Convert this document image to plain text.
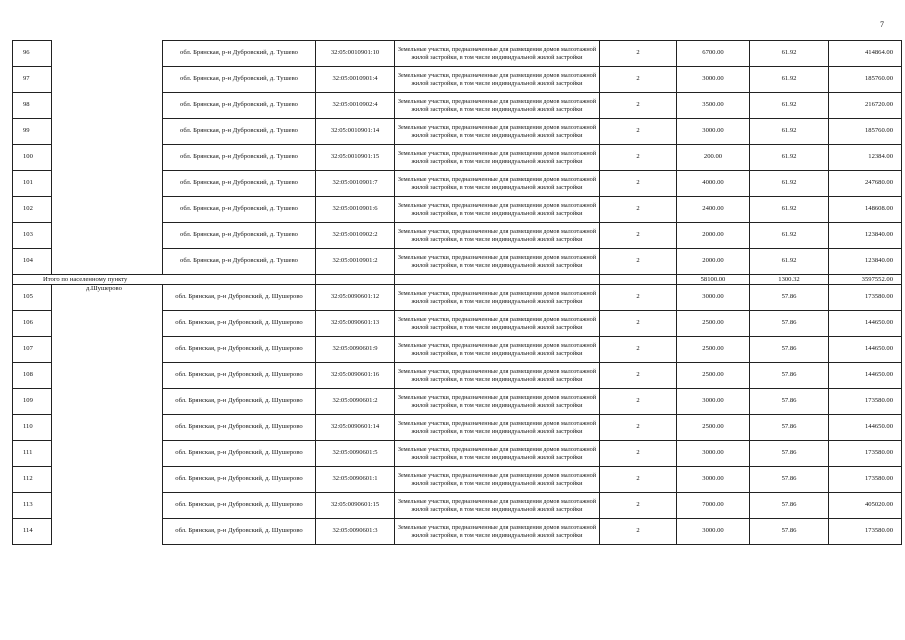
7
96		обл. Брянская, р-н Дубровский, д. Тушево	32:05:0010901:10	Земельные участки, предназначенные для размещения домов малоэтажной жилой застройки, в том числе индивидуальной жилой застройки	2	6700.00	61.92	414864.00
97		обл. Брянская, р-н Дубровский, д. Тушево	32:05:0010901:4	Земельные участки, предназначенные для размещения домов малоэтажной жилой застройки, в том числе индивидуальной жилой застройки	2	3000.00	61.92	185760.00
98		обл. Брянская, р-н Дубровский, д. Тушево	32:05:0010902:4	Земельные участки, предназначенные для размещения домов малоэтажной жилой застройки, в том числе индивидуальной жилой застройки	2	3500.00	61.92	216720.00
99		обл. Брянская, р-н Дубровский, д. Тушево	32:05:0010901:14	Земельные участки, предназначенные для размещения домов малоэтажной жилой застройки, в том числе индивидуальной жилой застройки	2	3000.00	61.92	185760.00
100		обл. Брянская, р-н Дубровский, д. Тушево	32:05:0010901:15	Земельные участки, предназначенные для размещения домов малоэтажной жилой застройки, в том числе индивидуальной жилой застройки	2	200.00	61.92	12384.00
101		обл. Брянская, р-н Дубровский, д. Тушево	32:05:0010901:7	Земельные участки, предназначенные для размещения домов малоэтажной жилой застройки, в том числе индивидуальной жилой застройки	2	4000.00	61.92	247680.00
102		обл. Брянская, р-н Дубровский, д. Тушево	32:05:0010901:6	Земельные участки, предназначенные для размещения домов малоэтажной жилой застройки, в том числе индивидуальной жилой застройки	2	2400.00	61.92	148608.00
103		обл. Брянская, р-н Дубровский, д. Тушево	32:05:0010902:2	Земельные участки, предназначенные для размещения домов малоэтажной жилой застройки, в том числе индивидуальной жилой застройки	2	2000.00	61.92	123840.00
104		обл. Брянская, р-н Дубровский, д. Тушево	32:05:0010901:2	Земельные участки, предназначенные для размещения домов малоэтажной жилой застройки, в том числе индивидуальной жилой застройки	2	2000.00	61.92	123840.00
Итого по населенному пункту						58100.00	1300.32	3597552.00
105	д.Шушерово	обл. Брянская, р-н Дубровский, д. Шушерово	32:05:0090601:12	Земельные участки, предназначенные для размещения домов малоэтажной жилой застройки, в том числе индивидуальной жилой застройки	2	3000.00	57.86	173580.00
106		обл. Брянская, р-н Дубровский, д. Шушерово	32:05:0090601:13	Земельные участки, предназначенные для размещения домов малоэтажной жилой застройки, в том числе индивидуальной жилой застройки	2	2500.00	57.86	144650.00
107		обл. Брянская, р-н Дубровский, д. Шушерово	32:05:0090601:9	Земельные участки, предназначенные для размещения домов малоэтажной жилой застройки, в том числе индивидуальной жилой застройки	2	2500.00	57.86	144650.00
108		обл. Брянская, р-н Дубровский, д. Шушерово	32:05:0090601:16	Земельные участки, предназначенные для размещения домов малоэтажной жилой застройки, в том числе индивидуальной жилой застройки	2	2500.00	57.86	144650.00
109		обл. Брянская, р-н Дубровский, д. Шушерово	32:05:0090601:2	Земельные участки, предназначенные для размещения домов малоэтажной жилой застройки, в том числе индивидуальной жилой застройки	2	3000.00	57.86	173580.00
110		обл. Брянская, р-н Дубровский, д. Шушерово	32:05:0090601:14	Земельные участки, предназначенные для размещения домов малоэтажной жилой застройки, в том числе индивидуальной жилой застройки	2	2500.00	57.86	144650.00
111		обл. Брянская, р-н Дубровский, д. Шушерово	32:05:0090601:5	Земельные участки, предназначенные для размещения домов малоэтажной жилой застройки, в том числе индивидуальной жилой застройки	2	3000.00	57.86	173580.00
112		обл. Брянская, р-н Дубровский, д. Шушерово	32:05:0090601:1	Земельные участки, предназначенные для размещения домов малоэтажной жилой застройки, в том числе индивидуальной жилой застройки	2	3000.00	57.86	173580.00
113		обл. Брянская, р-н Дубровский, д. Шушерово	32:05:0090601:15	Земельные участки, предназначенные для размещения домов малоэтажной жилой застройки, в том числе индивидуальной жилой застройки	2	7000.00	57.86	405020.00
114		обл. Брянская, р-н Дубровский, д. Шушерово	32:05:0090601:3	Земельные участки, предназначенные для размещения домов малоэтажной жилой застройки, в том числе индивидуальной жилой застройки	2	3000.00	57.86	173580.00
